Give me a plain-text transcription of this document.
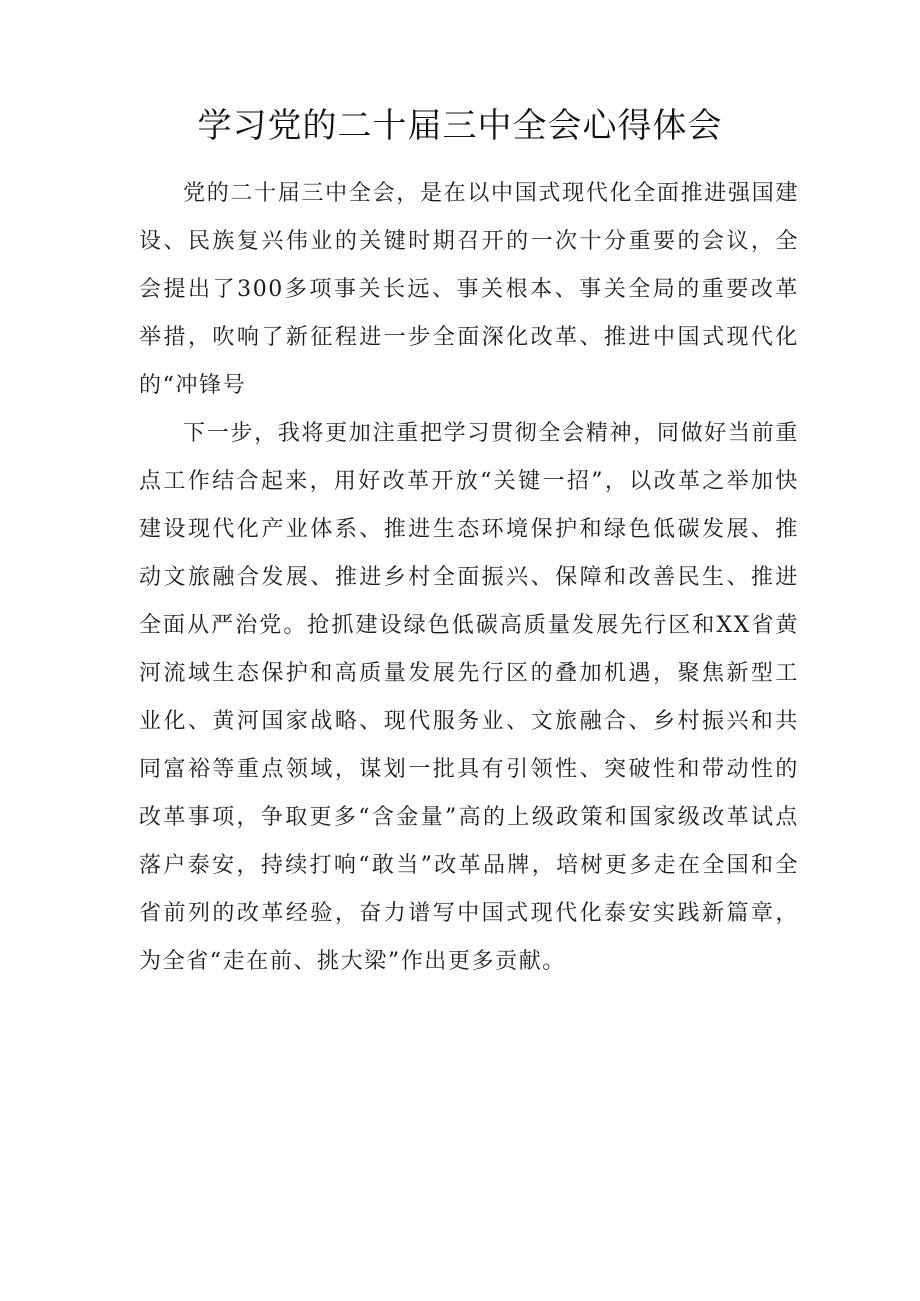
学习党的二十届三中全会心得体会

党的二十届三中全会，是在以中国式现代化全面推进强国建设、民族复兴伟业的关键时期召开的一次十分重要的会议，全会提出了300多项事关长远、事关根本、事关全局的重要改革举措，吹响了新征程进一步全面深化改革、推进中国式现代化的“冲锋号

下一步，我将更加注重把学习贯彻全会精神，同做好当前重点工作结合起来，用好改革开放“关键一招”，以改革之举加快建设现代化产业体系、推进生态环境保护和绿色低碳发展、推动文旅融合发展、推进乡村全面振兴、保障和改善民生、推进全面从严治党。抢抓建设绿色低碳高质量发展先行区和XX省黄河流域生态保护和高质量发展先行区的叠加机遇，聚焦新型工业化、黄河国家战略、现代服务业、文旅融合、乡村振兴和共同富裕等重点领域，谋划一批具有引领性、突破性和带动性的改革事项，争取更多“含金量”高的上级政策和国家级改革试点落户泰安，持续打响“敢当”改革品牌，培树更多走在全国和全省前列的改革经验，奋力谱写中国式现代化泰安实践新篇章，为全省“走在前、挑大梁”作出更多贡献。
